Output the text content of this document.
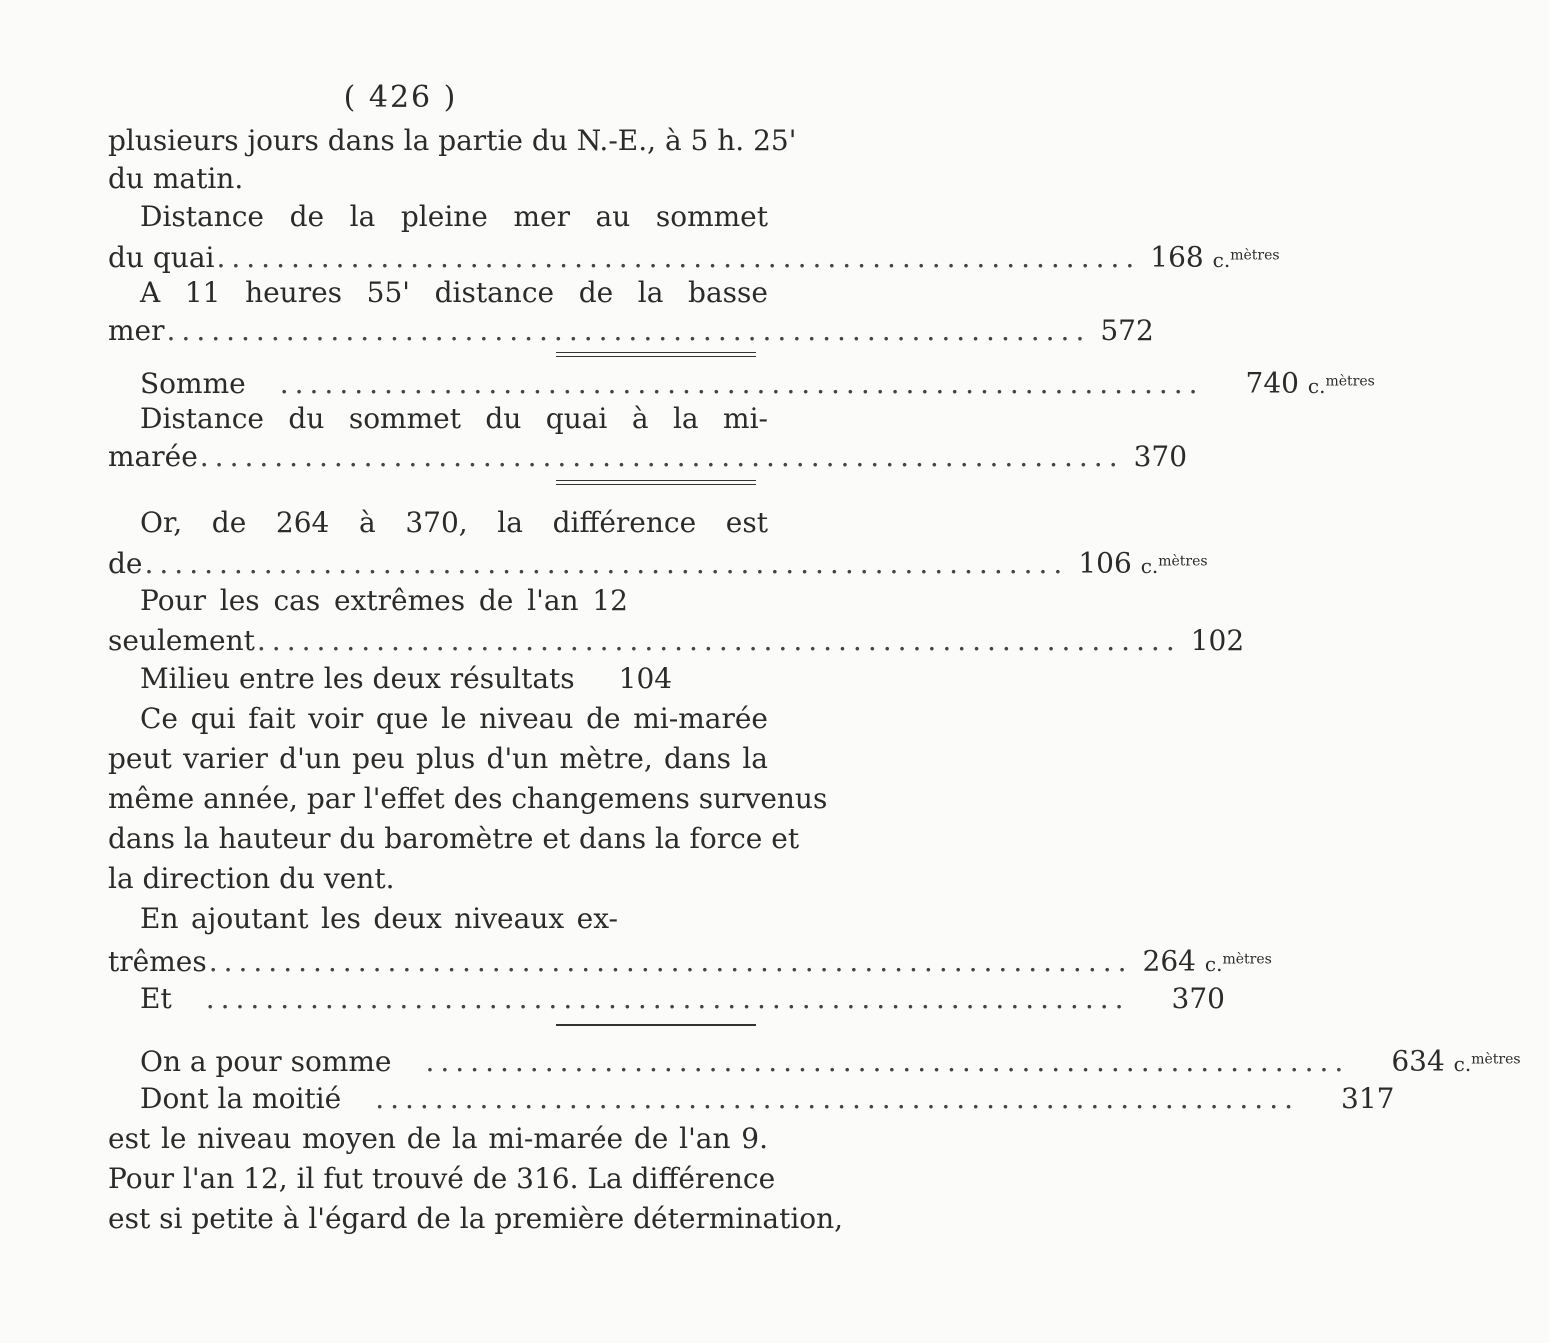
( 426 )
plusieurs jours dans la partie du N.-E., à 5 h. 25'
du matin.
Distance de la pleine mer au sommet
du quai .............................................................. 168 c.$^{mètres}$
A 11 heures 55' distance de la basse
mer .............................................................. 572
Somme	..............................................................	740 c.$^{mètres}$
Distance du sommet du quai à la mi-
marée .............................................................. 370
Or, de 264 à 370, la différence est
de .............................................................. 106 c.$^{mètres}$
Pour les cas extrêmes de l'an 12
seulement .............................................................. 102
Milieu entre les deux résultats	104
Ce qui fait voir que le niveau de mi-marée
peut varier d'un peu plus d'un mètre, dans la
même année, par l'effet des changemens survenus
dans la hauteur du baromètre et dans la force et
la direction du vent.
En ajoutant les deux niveaux ex-
trêmes .............................................................. 264 c.$^{mètres}$
Et	..............................................................	370
On a pour somme	..............................................................	634 c.$^{mètres}$
Dont la moitié	..............................................................	317
est le niveau moyen de la mi-marée de l'an 9.
Pour l'an 12, il fut trouvé de 316. La différence
est si petite à l'égard de la première détermination,
